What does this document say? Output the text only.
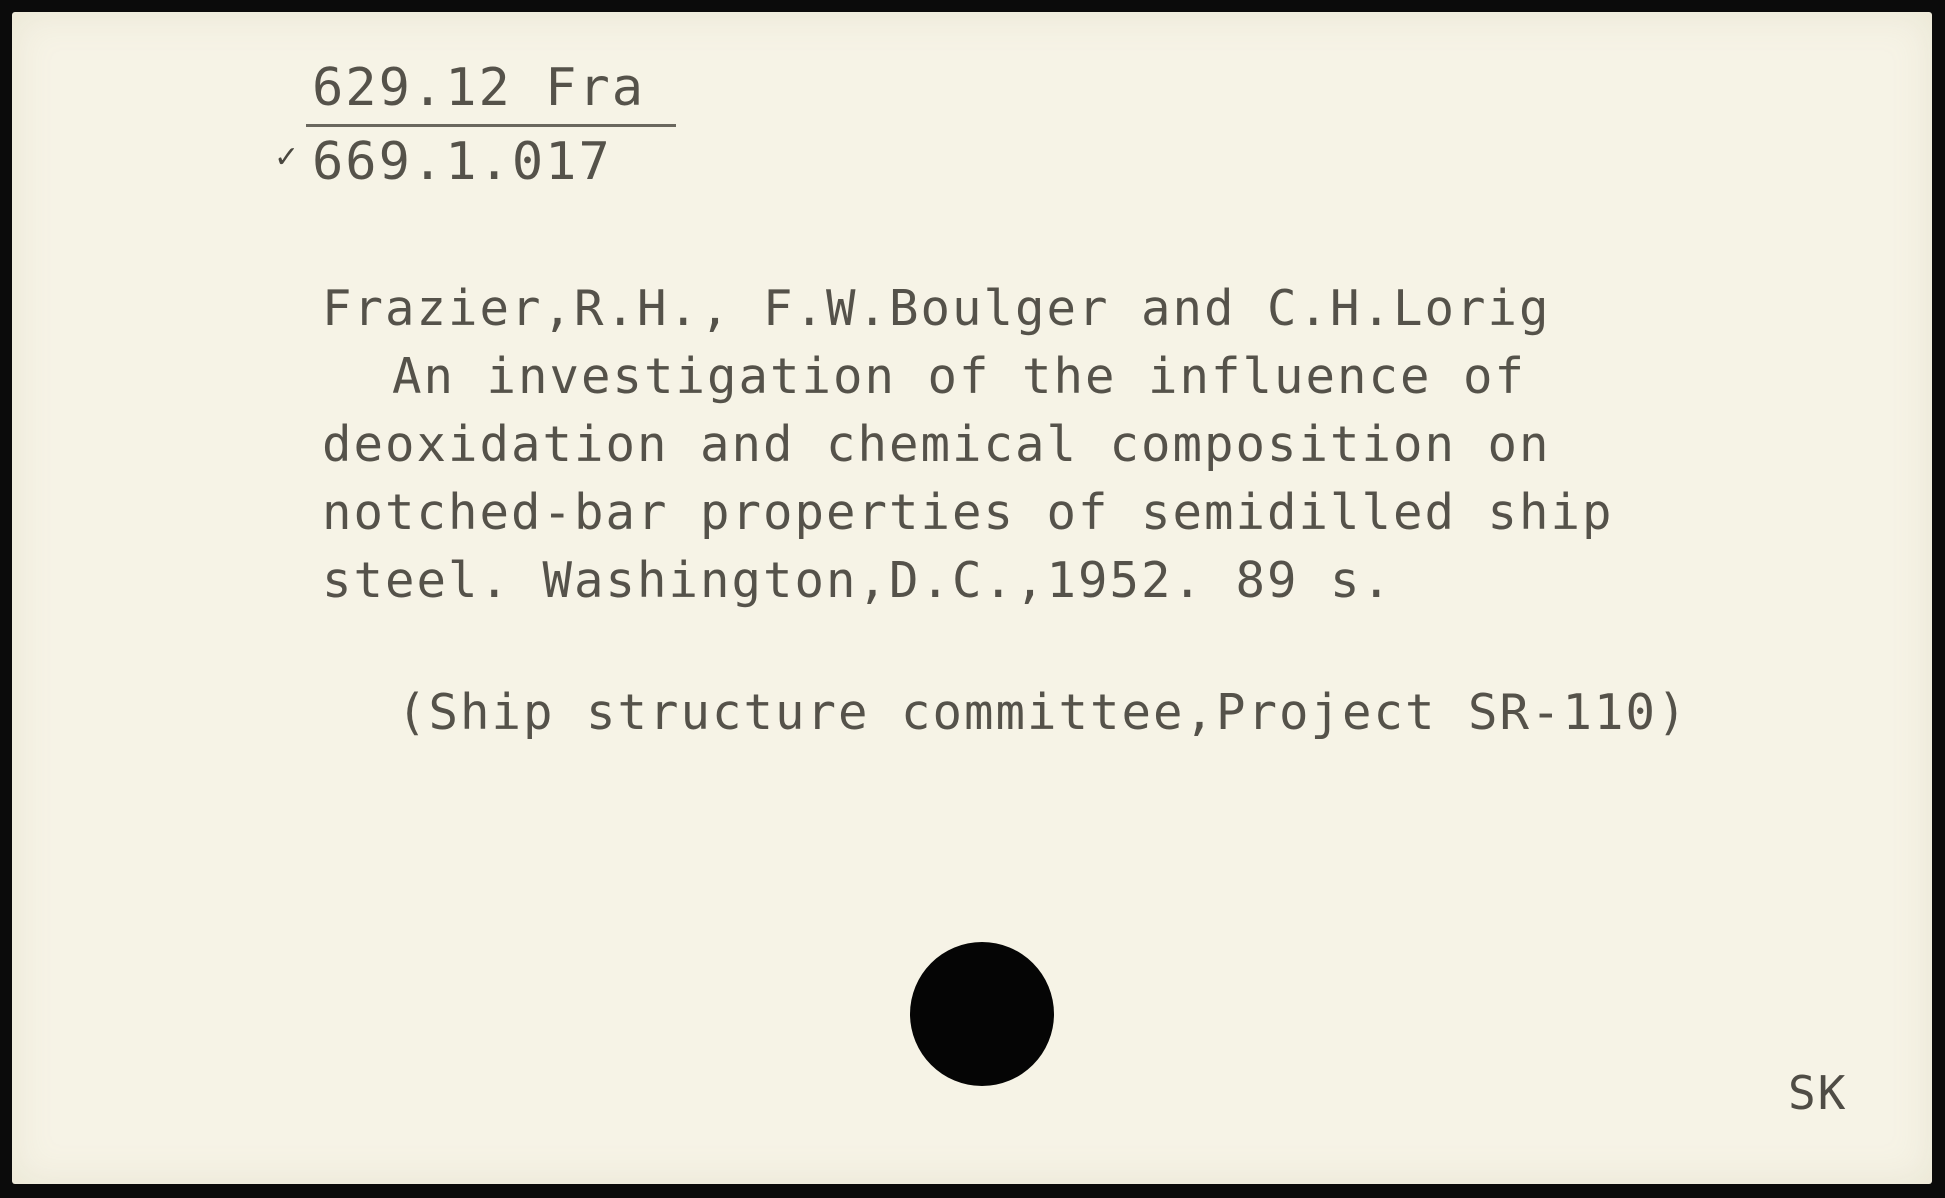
629.12 Fra
669.1.017
✓
Frazier,R.H., F.W.Boulger and C.H.Lorig
An investigation of the influence of
deoxidation and chemical composition on
notched-bar properties of semidilled ship
steel. Washington,D.C.,1952. 89 s.
(Ship structure committee,Project SR-110)
SK
